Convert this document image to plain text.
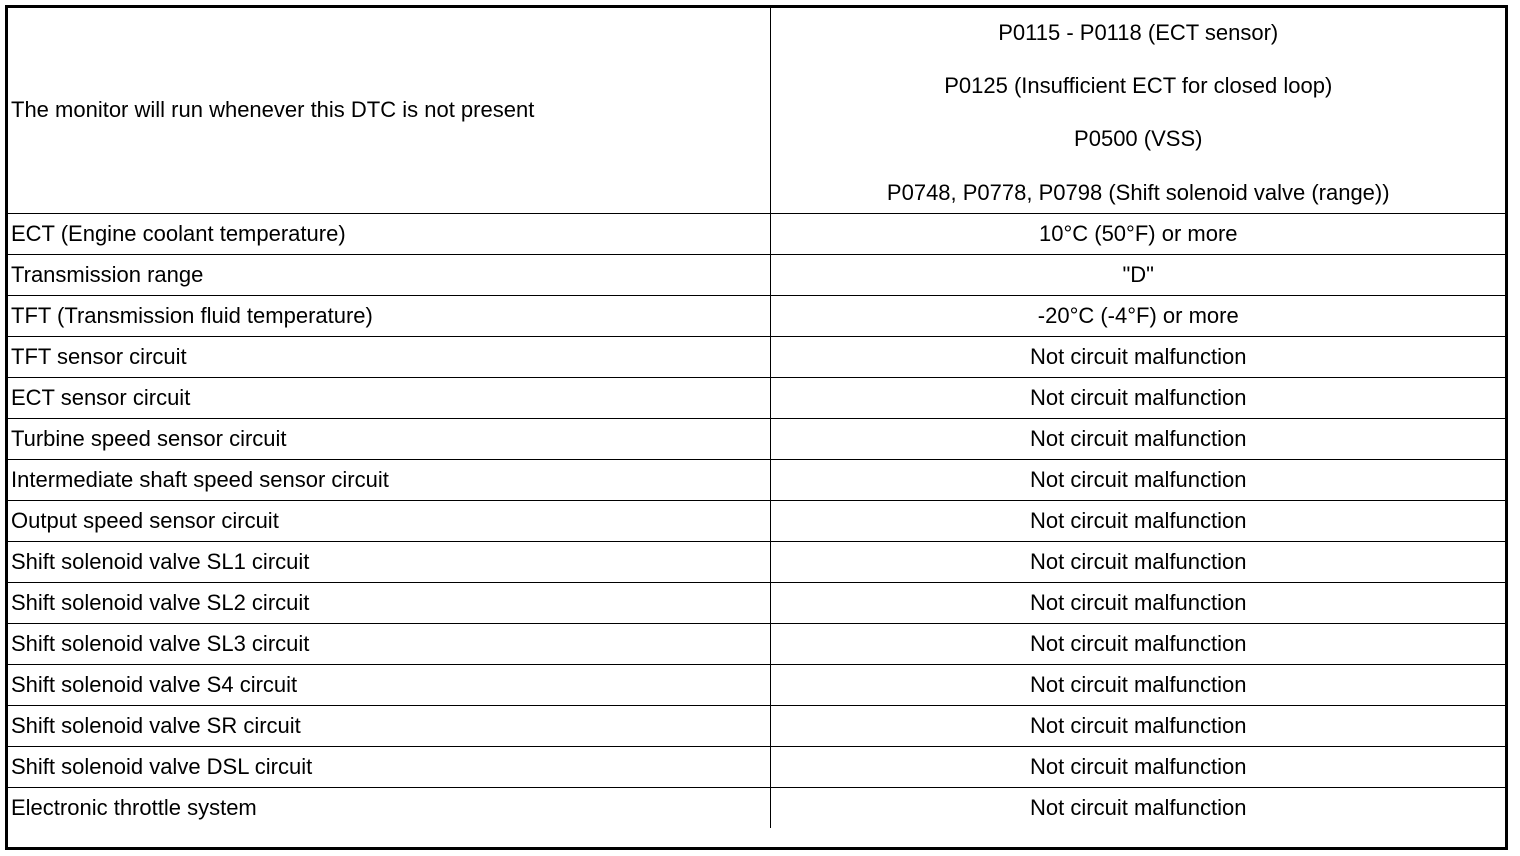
The monitor will run whenever this DTC is not present	P0115 - P0118 (ECT sensor)
P0125 (Insufficient ECT for closed loop)
P0500 (VSS)
P0748, P0778, P0798 (Shift solenoid valve (range))

ECT (Engine coolant temperature)	10°C (50°F) or more
Transmission range	"D"
TFT (Transmission fluid temperature)	-20°C (-4°F) or more
TFT sensor circuit	Not circuit malfunction
ECT sensor circuit	Not circuit malfunction
Turbine speed sensor circuit	Not circuit malfunction
Intermediate shaft speed sensor circuit	Not circuit malfunction
Output speed sensor circuit	Not circuit malfunction
Shift solenoid valve SL1 circuit	Not circuit malfunction
Shift solenoid valve SL2 circuit	Not circuit malfunction
Shift solenoid valve SL3 circuit	Not circuit malfunction
Shift solenoid valve S4 circuit	Not circuit malfunction
Shift solenoid valve SR circuit	Not circuit malfunction
Shift solenoid valve DSL circuit	Not circuit malfunction
Electronic throttle system	Not circuit malfunction
